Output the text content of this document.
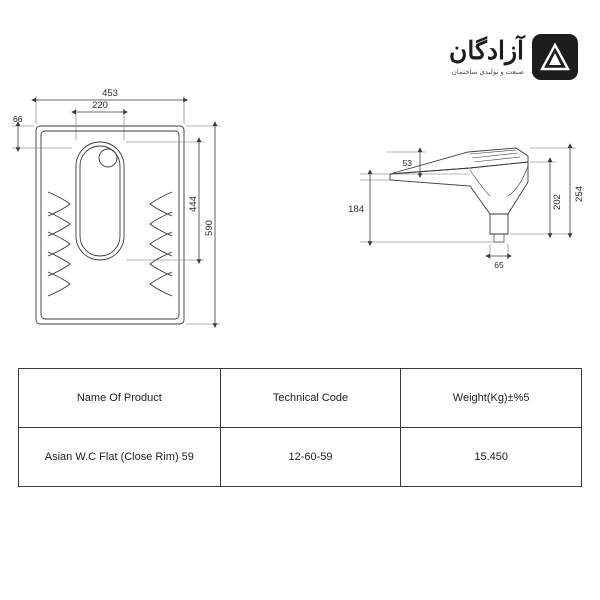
آزادگان
صنعت و تولیدی ساختمان
453
220
66
444
590
53
184	202
254
65
Name Of Product	Technical Code	Weight(Kg)±%5
Asian W.C Flat (Close Rim) 59	12-60-59	15.450
